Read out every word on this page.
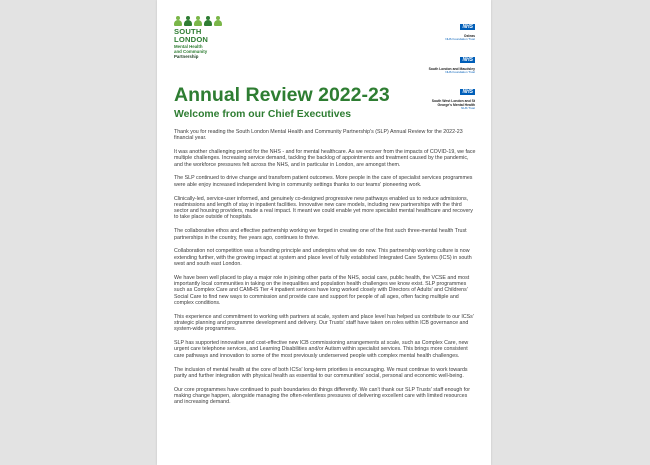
SOUTH
LONDON
Mental Health
and Community
Partnership
NHS
Oxleas
NHS Foundation Trust
NHS
South London and Maudsley
NHS Foundation Trust
NHS
South West London and St George's Mental Health
NHS Trust
Annual Review 2022-23
Welcome from our Chief Executives

Thank you for reading the South London Mental Health and Community Partnership's (SLP) Annual Review for the 2022-23 financial year.

It was another challenging period for the NHS - and for mental healthcare. As we recover from the impacts of COVID-19, we face multiple challenges. Increasing service demand, tackling the backlog of appointments and treatment caused by the pandemic, and the workforce pressures felt across the NHS, and in particular in London, are amongst them.

The SLP continued to drive change and transform patient outcomes. More people in the care of specialist services programmes were able enjoy increased independent living in community settings thanks to our teams' pioneering work.

Clinically-led, service-user informed, and genuinely co-designed progressive new pathways enabled us to reduce admissions, readmissions and length of stay in inpatient facilities. Innovative new care models, including new partnerships with the third sector and housing providers, made a real impact. It meant we could enable yet more specialist mental healthcare and recovery to take place outside of hospitals.

The collaborative ethos and effective partnership working we forged in creating one of the first such three-mental health Trust partnerships in the country, five years ago, continues to thrive.

Collaboration not competition was a founding principle and underpins what we do now. This partnership working culture is now extending further, with the growing impact at system and place level of fully established Integrated Care Systems (ICS) in south west and south east London.

We have been well placed to play a major role in joining other parts of the NHS, social care, public health, the VCSE and most importantly local communities in taking on the inequalities and population health challenges we know exist. SLP programmes such as Complex Care and CAMHS Tier 4 inpatient services have long worked closely with Directors of Adults' and Childrens' Social Care to find new ways to commission and provide care and support for people of all ages, often facing multiple and complex conditions.

This experience and commitment to working with partners at scale, system and place level has helped us contribute to our ICSs' strategic planning and programme development and delivery. Our Trusts' staff have taken on roles within ICB governance and system-wide programmes.

SLP has supported innovative and cost-effective new ICB commissioning arrangements at scale, such as Complex Care, new urgent care telephone services, and Learning Disabilities and/or Autism within specialist services. This brings more consistent care pathways and innovation to some of the most previously underserved people with complex mental health challenges.

The inclusion of mental health at the core of both ICSs' long-term priorities is encouraging. We must continue to work towards parity and further integration with physical health as essential to our communities' social, personal and economic well-being.

Our core programmes have continued to push boundaries do things differently. We can't thank our SLP Trusts' staff enough for making change happen, alongside managing the often-relentless pressures of delivering excellent care with limited resources and increasing demand.
